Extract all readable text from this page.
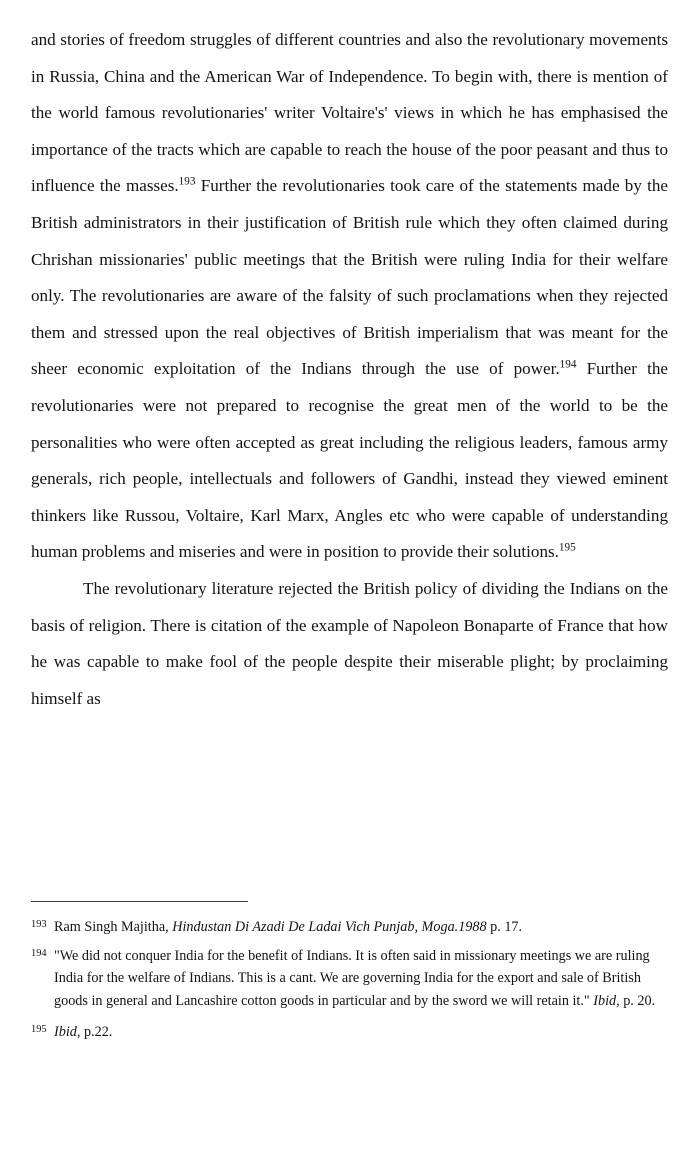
and stories of freedom struggles of different countries and also the revolutionary movements in Russia, China and the American War of Independence. To begin with, there is mention of the world famous revolutionaries' writer Voltaire's' views in which he has emphasised the importance of the tracts which are capable to reach the house of the poor peasant and thus to influence the masses.$^{193}$ Further the revolutionaries took care of the statements made by the British administrators in their justification of British rule which they often claimed during Chrishan missionaries' public meetings that the British were ruling India for their welfare only. The revolutionaries are aware of the falsity of such proclamations when they rejected them and stressed upon the real objectives of British imperialism that was meant for the sheer economic exploitation of the Indians through the use of power.$^{194}$ Further the revolutionaries were not prepared to recognise the great men of the world to be the personalities who were often accepted as great including the religious leaders, famous army generals, rich people, intellectuals and followers of Gandhi, instead they viewed eminent thinkers like Russou, Voltaire, Karl Marx, Angles etc who were capable of understanding human problems and miseries and were in position to provide their solutions.$^{195}$

The revolutionary literature rejected the British policy of dividing the Indians on the basis of religion. There is citation of the example of Napoleon Bonaparte of France that how he was capable to make fool of the people despite their miserable plight; by proclaiming himself as

193 Ram Singh Majitha, Hindustan Di Azadi De Ladai Vich Punjab, Moga.1988 p. 17.

194 "We did not conquer India for the benefit of Indians. It is often said in missionary meetings we are ruling India for the welfare of Indians. This is a cant. We are governing India for the export and sale of British goods in general and Lancashire cotton goods in particular and by the sword we will retain it." Ibid, p. 20.

195 Ibid, p.22.
